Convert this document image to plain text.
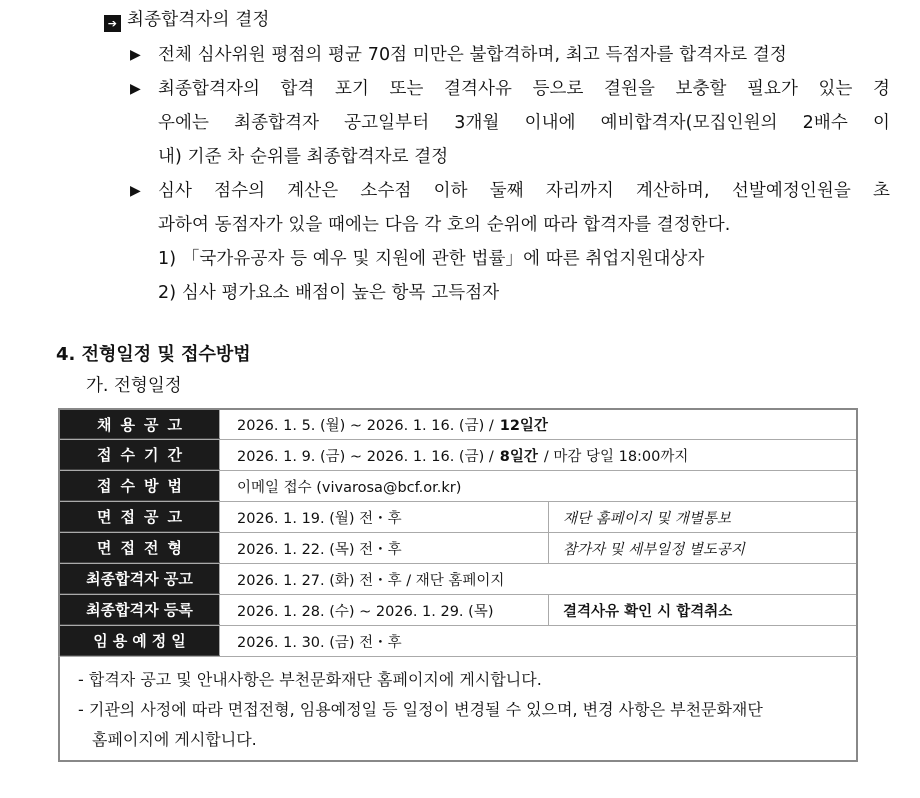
➔ 최종합격자의 결정
▶ 전체 심사위원 평점의 평균 70점 미만은 불합격하며, 최고 득점자를 합격자로 결정
▶ 최종합격자의 합격 포기 또는 결격사유 등으로 결원을 보충할 필요가 있는 경
우에는 최종합격자 공고일부터 3개월 이내에 예비합격자(모집인원의 2배수 이
내) 기준 차 순위를 최종합격자로 결정
▶ 심사 점수의 계산은 소수점 이하 둘째 자리까지 계산하며, 선발예정인원을 초
과하여 동점자가 있을 때에는 다음 각 호의 순위에 따라 합격자를 결정한다.
1) 「국가유공자 등 예우 및 지원에 관한 법률」에 따른 취업지원대상자
2) 심사 평가요소 배점이 높은 항목 고득점자
4. 전형일정 및 접수방법
가. 전형일정
채용공고	2026. 1. 5. (월) ~ 2026. 1. 16. (금) / 12일간
접수기간	2026. 1. 9. (금) ~ 2026. 1. 16. (금) / 8일간 / 마감 당일 18:00까지
접수방법	이메일 접수 (vivarosa@bcf.or.kr)
면접공고	2026. 1. 19. (월) 전・후	재단 홈페이지 및 개별통보
면접전형	2026. 1. 22. (목) 전・후	참가자 및 세부일정 별도공지
최종합격자 공고	2026. 1. 27. (화) 전・후 / 재단 홈페이지
최종합격자 등록	2026. 1. 28. (수) ~ 2026. 1. 29. (목)	결격사유 확인 시 합격취소
임용예정일	2026. 1. 30. (금) 전・후

- 합격자 공고 및 안내사항은 부천문화재단 홈페이지에 게시합니다.

- 기관의 사정에 따라 면접전형, 임용예정일 등 일정이 변경될 수 있으며, 변경 사항은 부천문화재단

홈페이지에 게시합니다.
